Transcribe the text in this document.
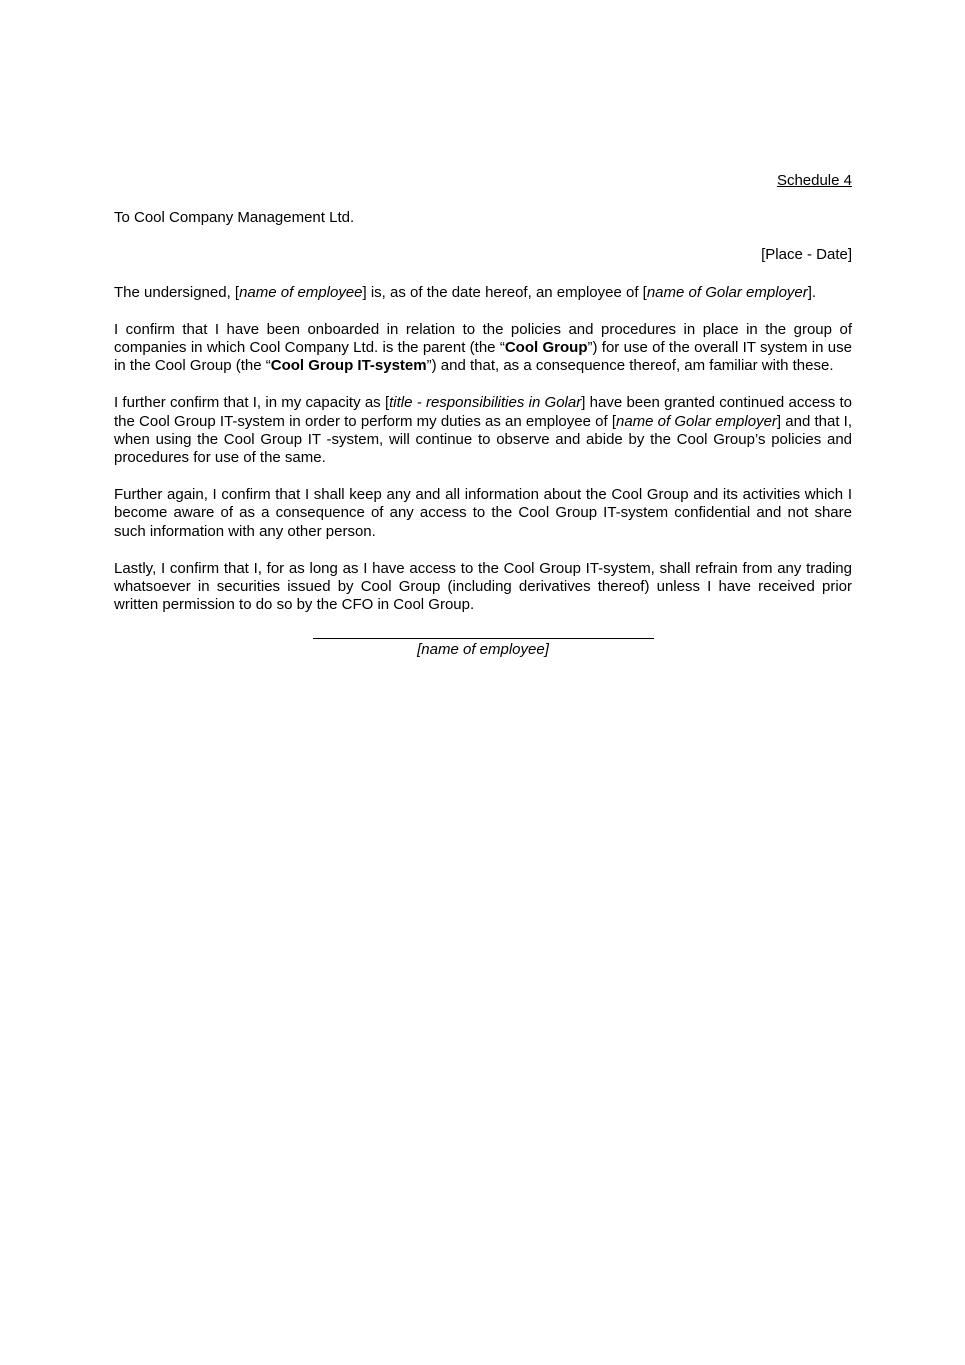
Schedule 4

To Cool Company Management Ltd.

[Place - Date]

The undersigned, [name of employee] is, as of the date hereof, an employee of [name of Golar employer].

I confirm that I have been onboarded in relation to the policies and procedures in place in the group of companies in which Cool Company Ltd. is the parent (the “Cool Group”) for use of the overall IT system in use in the Cool Group (the “Cool Group IT-system”) and that, as a consequence thereof, am familiar with these.

I further confirm that I, in my capacity as [title - responsibilities in Golar] have been granted continued access to the Cool Group IT-system in order to perform my duties as an employee of [name of Golar employer] and that I, when using the Cool Group IT -system, will continue to observe and abide by the Cool Group’s policies and procedures for use of the same.

Further again, I confirm that I shall keep any and all information about the Cool Group and its activities which I become aware of as a consequence of any access to the Cool Group IT-system confidential and not share such information with any other person.

Lastly, I confirm that I, for as long as I have access to the Cool Group IT-system, shall refrain from any trading whatsoever in securities issued by Cool Group (including derivatives thereof) unless I have received prior written permission to do so by the CFO in Cool Group.

[name of employee]
